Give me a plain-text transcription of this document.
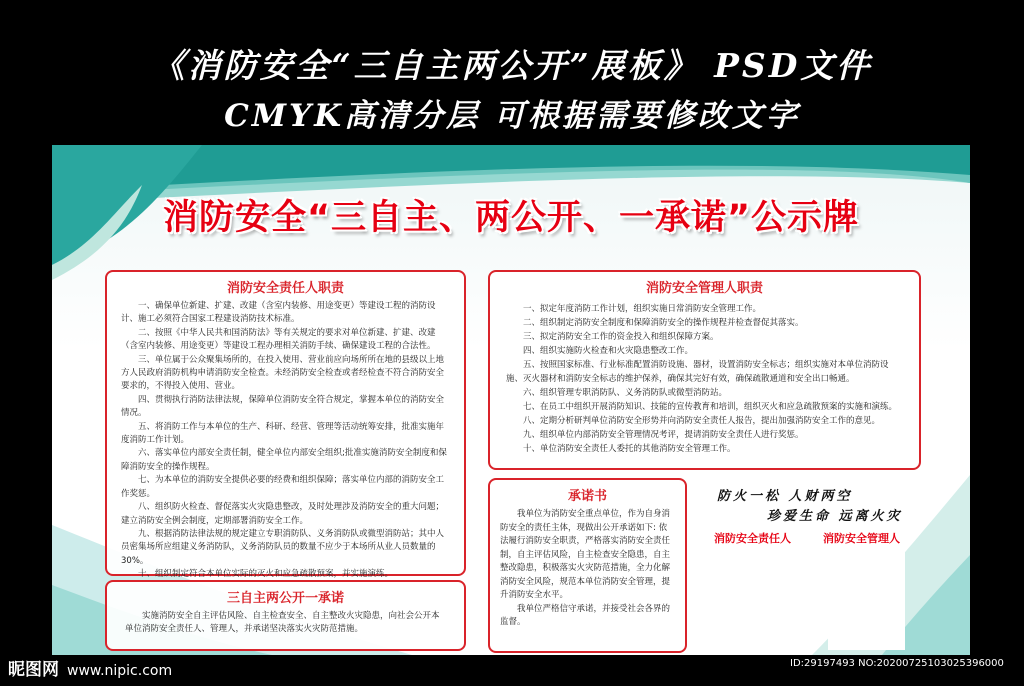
《消防安全“三自主两公开”展板》 PSD文件
CMYK高清分层 可根据需要修改文字
消防安全“三自主、两公开、一承诺”公示牌
消防安全责任人职责

一、确保单位新建、扩建、改建（含室内装修、用途变更）等建设工程的消防设计、施工必须符合国家工程建设消防技术标准。

二、按照《中华人民共和国消防法》等有关规定的要求对单位新建、扩建、改建（含室内装修、用途变更）等建设工程办理相关消防手续、确保建设工程的合法性。

三、单位属于公众聚集场所的，在投入使用、营业前应向场所所在地的县级以上地方人民政府消防机构申请消防安全检查。未经消防安全检查或者经检查不符合消防安全要求的，不得投入使用、营业。

四、贯彻执行消防法律法规，保障单位消防安全符合规定，掌握本单位的消防安全情况。

五、将消防工作与本单位的生产、科研、经营、管理等活动统筹安排，批准实施年度消防工作计划。

六、落实单位内部安全责任制，健全单位内部安全组织;批准实施消防安全制度和保障消防安全的操作规程。

七、为本单位的消防安全提供必要的经费和组织保障；落实单位内部的消防安全工作奖惩。

八、组织防火检查、督促落实火灾隐患整改，及时处理涉及消防安全的重大问题；建立消防安全例会制度，定期部署消防安全工作。

九、根据消防法律法规的规定建立专职消防队、义务消防队或微型消防站；其中人员密集场所应组建义务消防队，义务消防队员的数量不应少于本场所从业人员数量的30%。

十、组织制定符合本单位实际的灭火和应急疏散预案，并实施演练。

消防安全管理人职责

一、拟定年度消防工作计划，组织实施日常消防安全管理工作。

二、组织制定消防安全制度和保障消防安全的操作规程并检查督促其落实。

三、拟定消防安全工作的资金投入和组织保障方案。

四、组织实施防火检查和火灾隐患整改工作。

五、按照国家标准、行业标准配置消防设施、器材，设置消防安全标志；组织实施对本单位消防设施、灭火器材和消防安全标志的维护保养，确保其完好有效，确保疏散通道和安全出口畅通。

六、组织管理专职消防队、义务消防队或微型消防站。

七、在员工中组织开展消防知识、技能的宣传教育和培训，组织灭火和应急疏散预案的实施和演练。

八、定期分析研判单位消防安全形势并向消防安全责任人报告，提出加强消防安全工作的意见。

九、组织单位内部消防安全管理情况考评，提请消防安全责任人进行奖惩。

十、单位消防安全责任人委托的其他消防安全管理工作。

三自主两公开一承诺

实施消防安全自主评估风险、自主检查安全、自主整改火灾隐患，向社会公开本单位消防安全责任人、管理人，并承诺坚决落实火灾防范措施。

承诺书

我单位为消防安全重点单位，作为自身消防安全的责任主体，现做出公开承诺如下: 依法履行消防安全职责，严格落实消防安全责任制，自主评估风险，自主检查安全隐患，自主整改隐患，积极落实火灾防范措施，全力化解消防安全风险，规范本单位消防安全管理，提升消防安全水平。

我单位严格信守承诺，并接受社会各界的监督。

防火一松 人财两空
珍爱生命 远离火灾
消防安全责任人	消防安全管理人
昵图网 www.nipic.com	ID:29197493 NO:20200725103025396000
